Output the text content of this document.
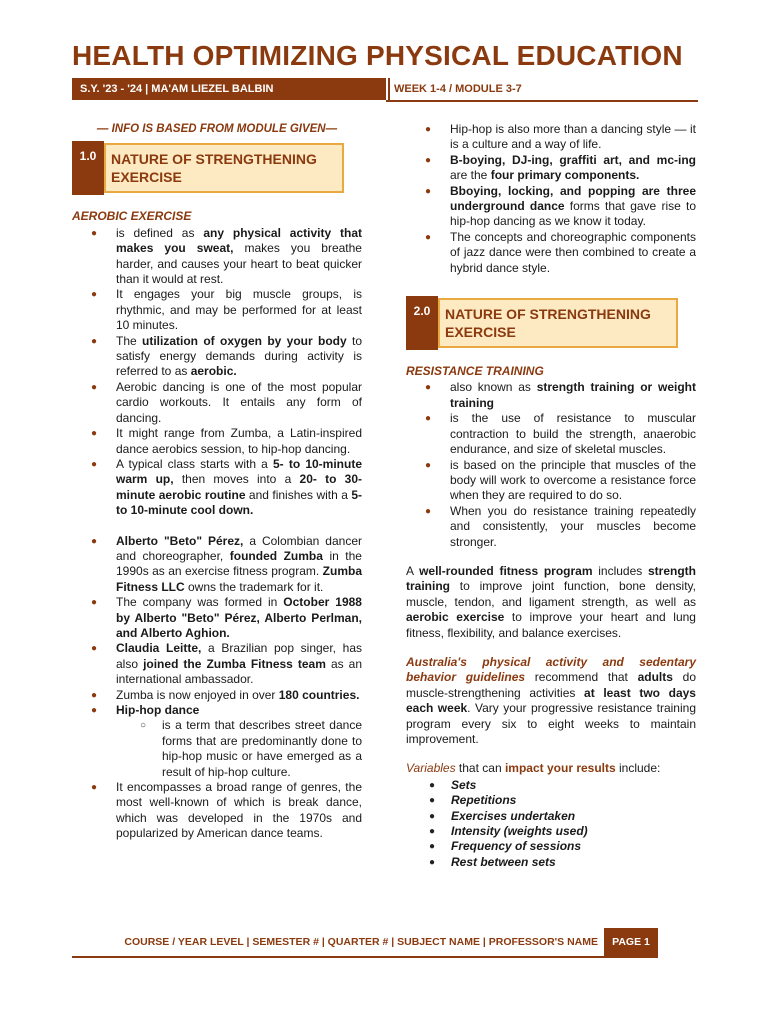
HEALTH OPTIMIZING PHYSICAL EDUCATION
S.Y. '23 - '24 | MA'AM LIEZEL BALBIN	WEEK 1-4 / MODULE 3-7
— INFO IS BASED FROM MODULE GIVEN—
1.0	NATURE OF STRENGTHENING EXERCISE
AEROBIC EXERCISE
● is defined as any physical activity that makes you sweat, makes you breathe harder, and causes your heart to beat quicker than it would at rest.
● It engages your big muscle groups, is rhythmic, and may be performed for at least 10 minutes.
● The utilization of oxygen by your body to satisfy energy demands during activity is referred to as aerobic.
● Aerobic dancing is one of the most popular cardio workouts. It entails any form of dancing.
● It might range from Zumba, a Latin-inspired dance aerobics session, to hip-hop dancing.
● A typical class starts with a 5- to 10-minute warm up, then moves into a 20- to 30-minute aerobic routine and finishes with a 5- to 10-minute cool down.
● Alberto "Beto" Pérez, a Colombian dancer and choreographer, founded Zumba in the 1990s as an exercise fitness program. Zumba Fitness LLC owns the trademark for it.
● The company was formed in October 1988 by Alberto "Beto" Pérez, Alberto Perlman, and Alberto Aghion.
● Claudia Leitte, a Brazilian pop singer, has also joined the Zumba Fitness team as an international ambassador.
● Zumba is now enjoyed in over 180 countries.
● Hip-hop dance
○ is a term that describes street dance forms that are predominantly done to hip-hop music or have emerged as a result of hip-hop culture.
● It encompasses a broad range of genres, the most well-known of which is break dance, which was developed in the 1970s and popularized by American dance teams.
● Hip-hop is also more than a dancing style — it is a culture and a way of life.
● B-boying, DJ-ing, graffiti art, and mc-ing are the four primary components.
● Bboying, locking, and popping are three underground dance forms that gave rise to hip-hop dancing as we know it today.
● The concepts and choreographic components of jazz dance were then combined to create a hybrid dance style.
2.0	NATURE OF STRENGTHENING EXERCISE
RESISTANCE TRAINING
● also known as strength training or weight training
● is the use of resistance to muscular contraction to build the strength, anaerobic endurance, and size of skeletal muscles.
● is based on the principle that muscles of the body will work to overcome a resistance force when they are required to do so.
● When you do resistance training repeatedly and consistently, your muscles become stronger.

A well-rounded fitness program includes strength training to improve joint function, bone density, muscle, tendon, and ligament strength, as well as aerobic exercise to improve your heart and lung fitness, flexibility, and balance exercises.

Australia's physical activity and sedentary behavior guidelines recommend that adults do muscle-strengthening activities at least two days each week. Vary your progressive resistance training program every six to eight weeks to maintain improvement.

Variables that can impact your results include:

● Sets
● Repetitions
● Exercises undertaken
● Intensity (weights used)
● Frequency of sessions
● Rest between sets
COURSE / YEAR LEVEL | SEMESTER # | QUARTER # | SUBJECT NAME | PROFESSOR'S NAME	PAGE 1
